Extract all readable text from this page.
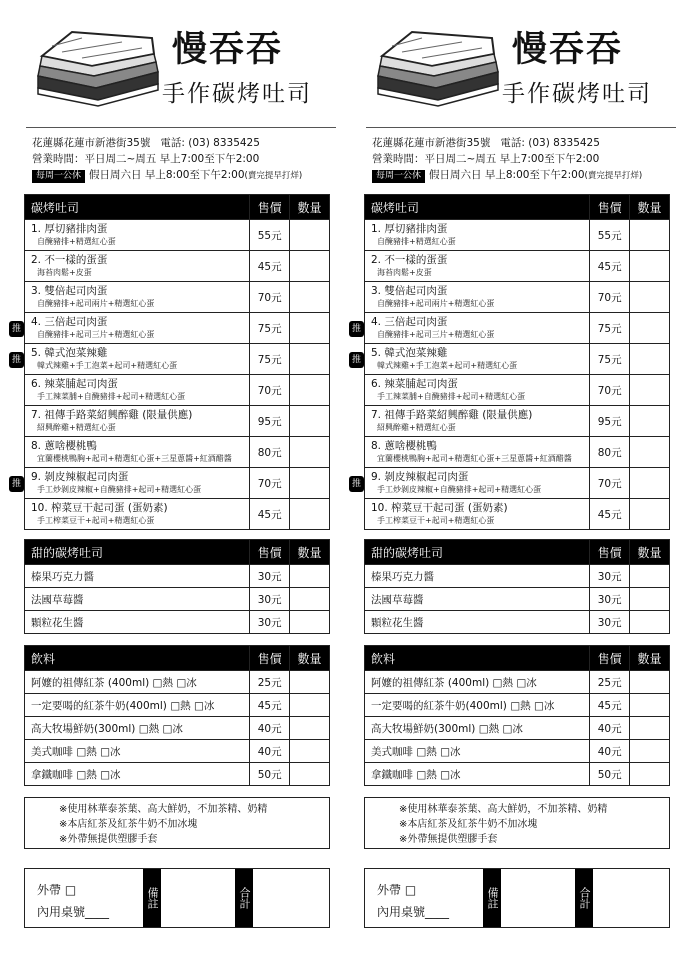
慢吞吞
手作碳烤吐司
花蓮縣花蓮市新港街35號 電話: (03) 8335425
營業時間：平日周二~周五 早上7:00至下午2:00
每周一公休 假日周六日 早上8:00至下午2:00(賣完提早打烊)
碳烤吐司	售價	數量

1. 厚切豬排肉蛋
自醃豬排+精選紅心蛋	55元	

2. 不一樣的蛋蛋
海苔肉鬆+皮蛋	45元	

3. 雙倍起司肉蛋
自醃豬排+起司兩片+精選紅心蛋	70元	

推
4. 三倍起司肉蛋
自醃豬排+起司三片+精選紅心蛋	75元	

推
5. 韓式泡菜辣雞
韓式辣雞+手工泡菜+起司+精選紅心蛋	75元	

6. 辣菜脯起司肉蛋
手工辣菜脯+自醃豬排+起司+精選紅心蛋	70元	

7. 祖傳手路菜紹興醉雞 (限量供應)
紹興醉雞+精選紅心蛋	95元	

8. 蔥啥櫻桃鴨
宜蘭櫻桃鴨胸+起司+精選紅心蛋+三星蔥醬+紅酒醋醬	80元	

推
9. 剝皮辣椒起司肉蛋
手工炒剝皮辣椒+自醃豬排+起司+精選紅心蛋	70元	

10. 榨菜豆干起司蛋 (蛋奶素)
手工榨菜豆干+起司+精選紅心蛋	45元	
甜的碳烤吐司	售價	數量
榛果巧克力醬	30元	
法國草莓醬	30元	
顆粒花生醬	30元	
飲料	售價	數量
阿嬤的祖傳紅茶 (400ml) □熱 □冰	25元	
一定要喝的紅茶牛奶(400ml) □熱 □冰	45元	
高大牧場鮮奶(300ml) □熱 □冰	40元	
美式咖啡 □熱 □冰	40元	
拿鐵咖啡 □熱 □冰	50元	
※使用林華泰茶葉、高大鮮奶，不加茶精、奶精
※本店紅茶及紅茶牛奶不加冰塊
※外帶無提供塑膠手套
外帶 □
內用桌號____
備註	合計
慢吞吞
手作碳烤吐司
花蓮縣花蓮市新港街35號 電話: (03) 8335425
營業時間：平日周二~周五 早上7:00至下午2:00
每周一公休 假日周六日 早上8:00至下午2:00(賣完提早打烊)
碳烤吐司	售價	數量

1. 厚切豬排肉蛋
自醃豬排+精選紅心蛋	55元	

2. 不一樣的蛋蛋
海苔肉鬆+皮蛋	45元	

3. 雙倍起司肉蛋
自醃豬排+起司兩片+精選紅心蛋	70元	

推
4. 三倍起司肉蛋
自醃豬排+起司三片+精選紅心蛋	75元	

推
5. 韓式泡菜辣雞
韓式辣雞+手工泡菜+起司+精選紅心蛋	75元	

6. 辣菜脯起司肉蛋
手工辣菜脯+自醃豬排+起司+精選紅心蛋	70元	

7. 祖傳手路菜紹興醉雞 (限量供應)
紹興醉雞+精選紅心蛋	95元	

8. 蔥啥櫻桃鴨
宜蘭櫻桃鴨胸+起司+精選紅心蛋+三星蔥醬+紅酒醋醬	80元	

推
9. 剝皮辣椒起司肉蛋
手工炒剝皮辣椒+自醃豬排+起司+精選紅心蛋	70元	

10. 榨菜豆干起司蛋 (蛋奶素)
手工榨菜豆干+起司+精選紅心蛋	45元	
甜的碳烤吐司	售價	數量
榛果巧克力醬	30元	
法國草莓醬	30元	
顆粒花生醬	30元	
飲料	售價	數量
阿嬤的祖傳紅茶 (400ml) □熱 □冰	25元	
一定要喝的紅茶牛奶(400ml) □熱 □冰	45元	
高大牧場鮮奶(300ml) □熱 □冰	40元	
美式咖啡 □熱 □冰	40元	
拿鐵咖啡 □熱 □冰	50元	
※使用林華泰茶葉、高大鮮奶，不加茶精、奶精
※本店紅茶及紅茶牛奶不加冰塊
※外帶無提供塑膠手套
外帶 □
內用桌號____
備註	合計
